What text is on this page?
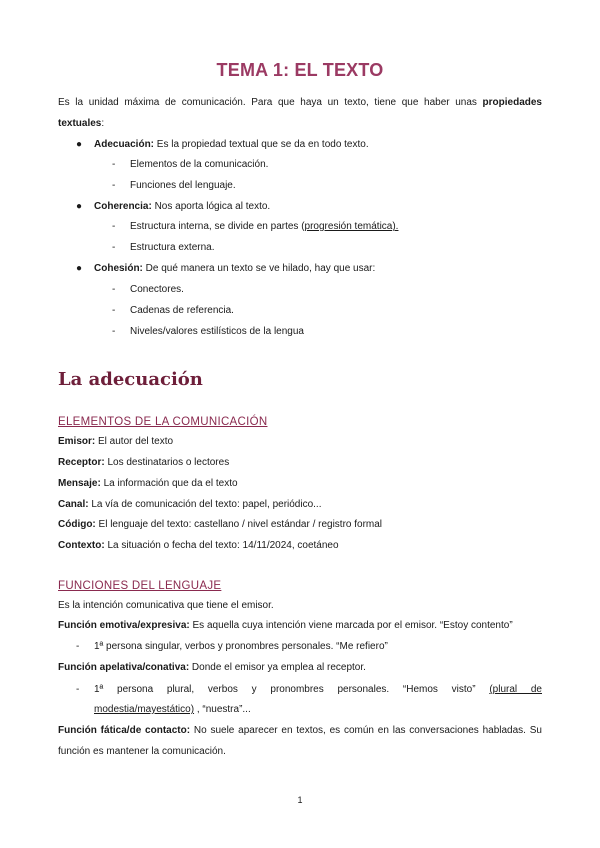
TEMA 1: EL TEXTO
Es la unidad máxima de comunicación. Para que haya un texto, tiene que haber unas propiedades
textuales:
● Adecuación: Es la propiedad textual que se da en todo texto.
- Elementos de la comunicación.
- Funciones del lenguaje.
● Coherencia: Nos aporta lógica al texto.
- Estructura interna, se divide en partes (progresión temática).
- Estructura externa.
● Cohesión: De qué manera un texto se ve hilado, hay que usar:
- Conectores.
- Cadenas de referencia.
- Niveles/valores estilísticos de la lengua
La adecuación
ELEMENTOS DE LA COMUNICACIÓN
Emisor: El autor del texto
Receptor: Los destinatarios o lectores
Mensaje: La información que da el texto
Canal: La vía de comunicación del texto: papel, periódico...
Código: El lenguaje del texto: castellano / nivel estándar / registro formal
Contexto: La situación o fecha del texto: 14/11/2024, coetáneo
FUNCIONES DEL LENGUAJE
Es la intención comunicativa que tiene el emisor.
Función emotiva/expresiva: Es aquella cuya intención viene marcada por el emisor. “Estoy contento”
- 1ª persona singular, verbos y pronombres personales. “Me refiero”
Función apelativa/conativa: Donde el emisor ya emplea al receptor.
- 1ª persona plural, verbos y pronombres personales. “Hemos visto” (plural de
modestia/mayestático) , “nuestra”...
Función fática/de contacto: No suele aparecer en textos, es común en las conversaciones habladas. Su
función es mantener la comunicación.
1
